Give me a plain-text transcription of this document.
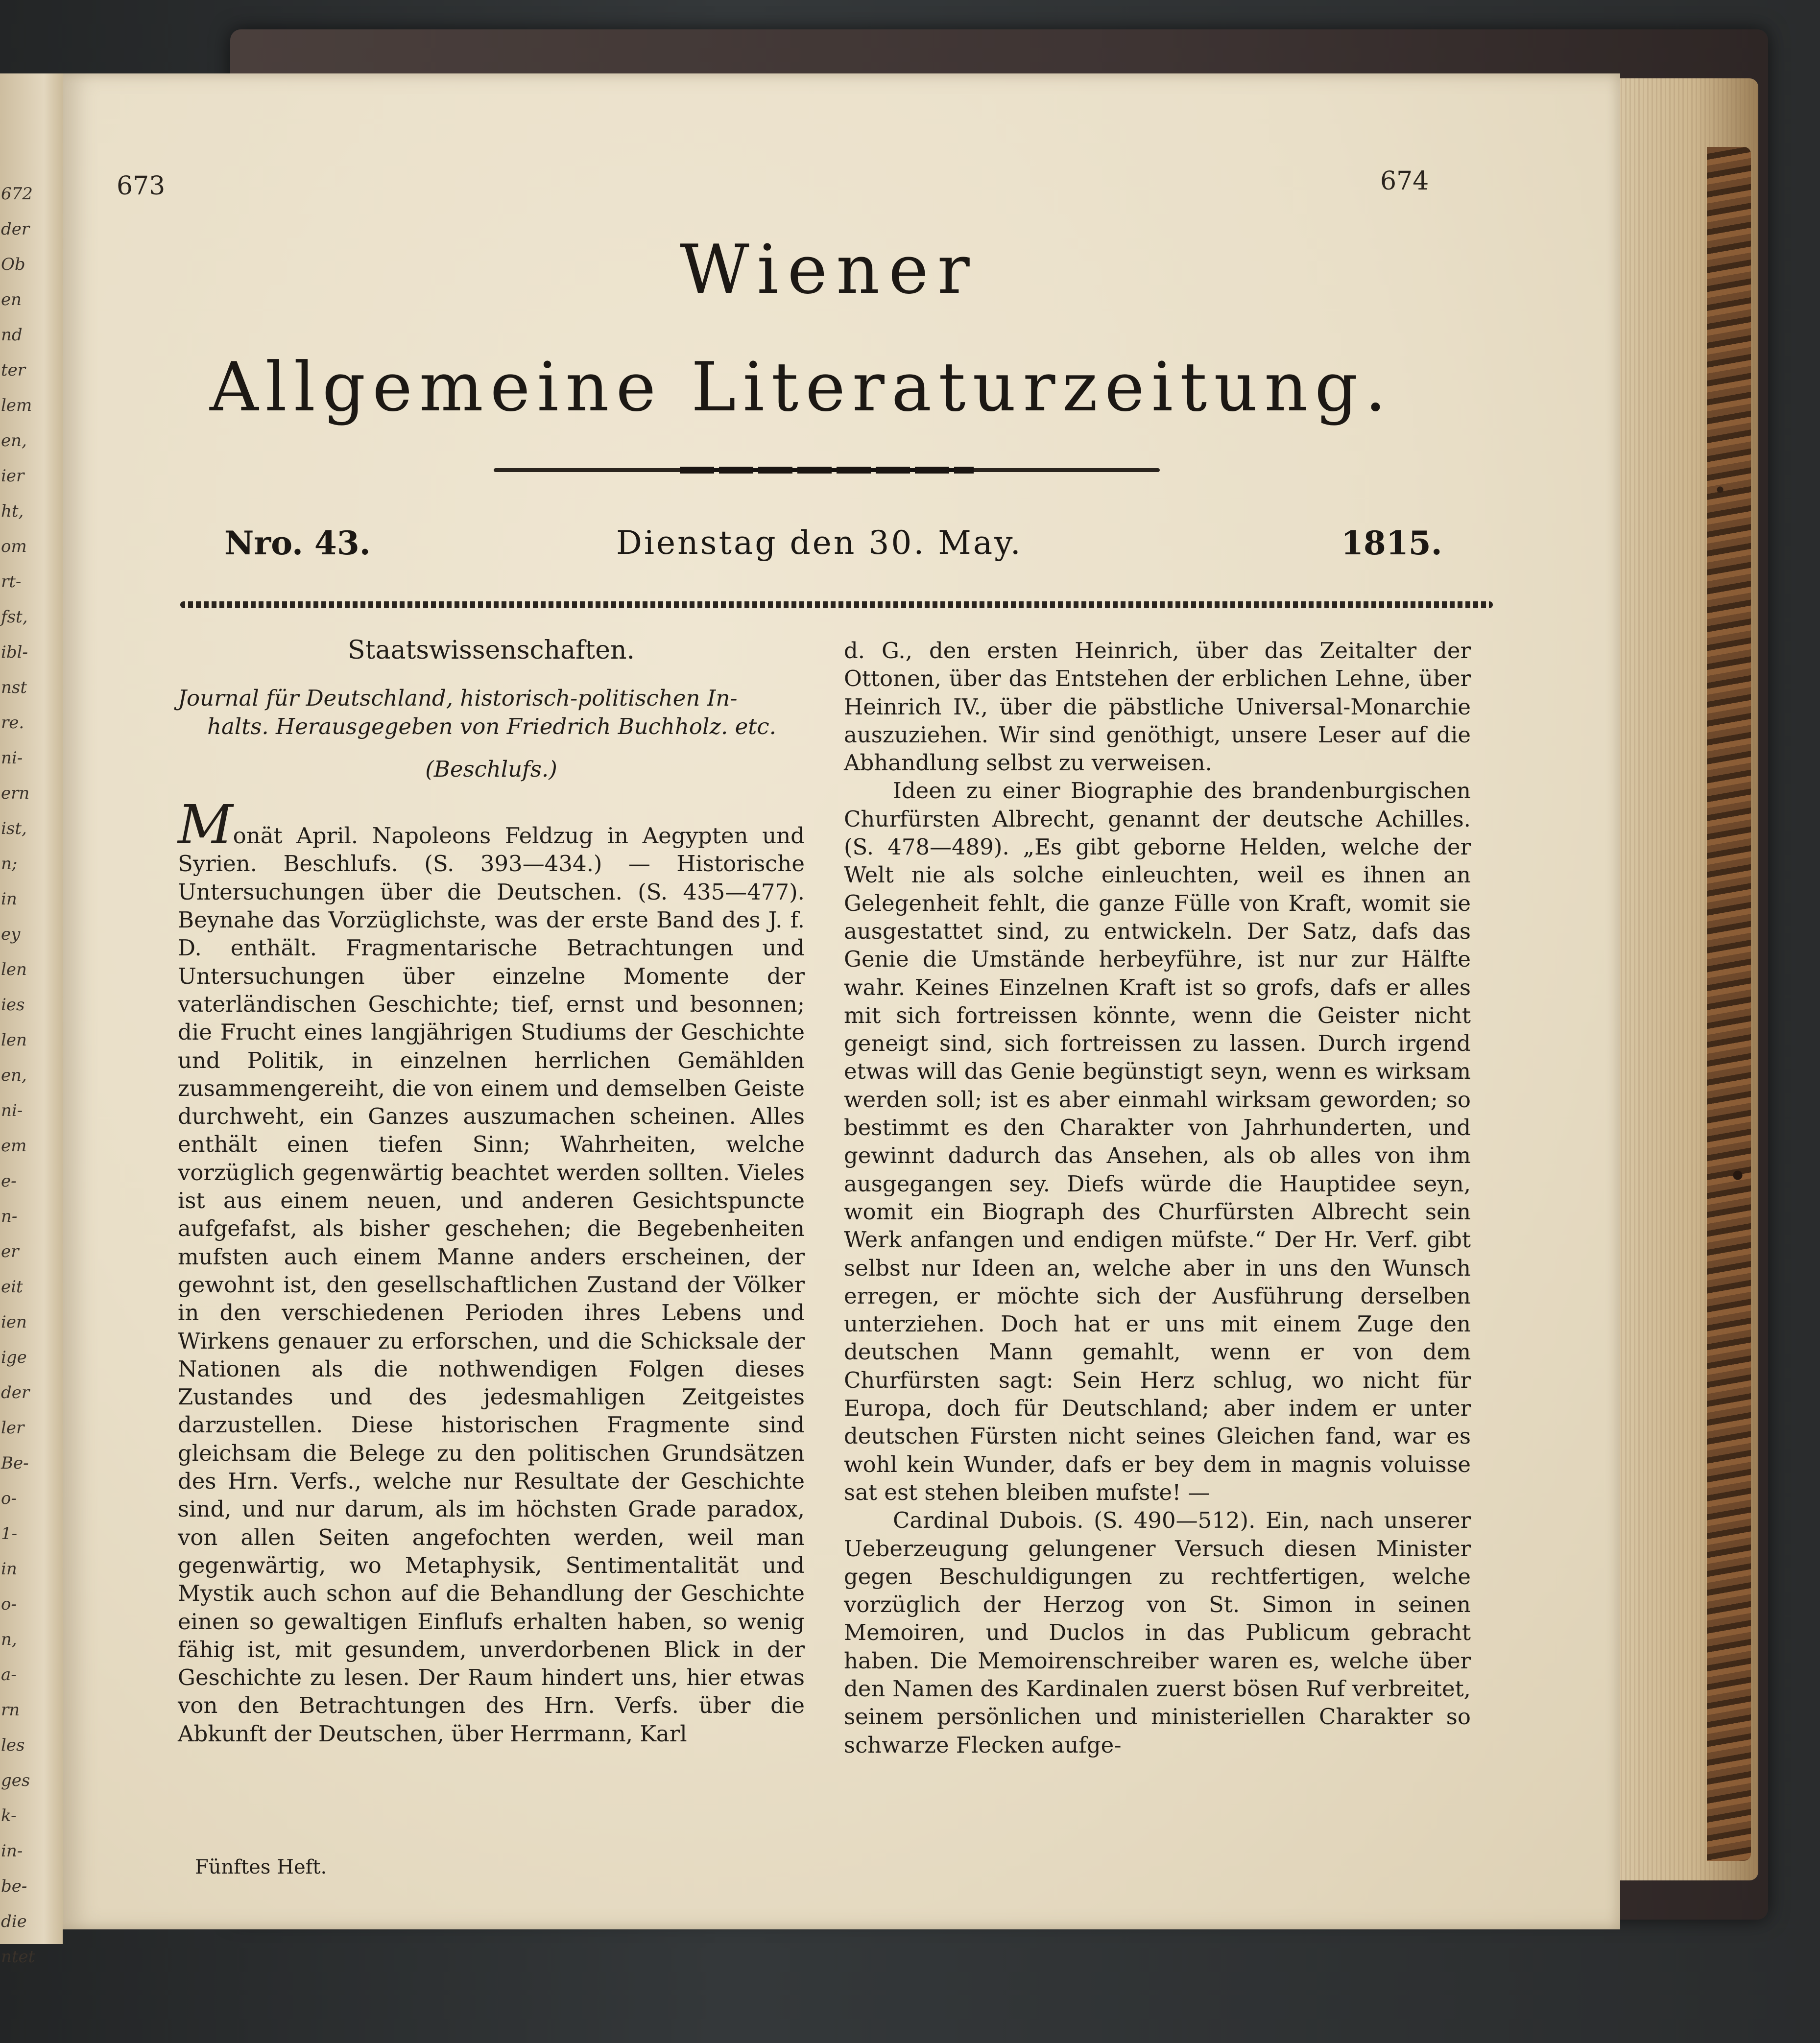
672
der
Ob
en
nd
ter
lem
en,
ier
ht,
om
rt-
fst,
ibl-
nst
re.
ni-
ern
ist,
n;
in
ey
len
ies
len
en,
ni-
em
e-
n-
er
eit
ien
ige
der
ler
Be-
o-
1-
in
o-
n,
a-
rn
les
ges
k-
in-
be-
die
ntet
673	674
Wiener
Allgemeine Literaturzeitung.
Nro. 43.	Dienstag den 30. May.	1815.

Staatswissenschaften.

Journal für Deutschland, historisch-politischen In-

halts. Herausgegeben von Friedrich Buchholz. etc.

(Beschlufs.)

Monät April. Napoleons Feldzug in Aegypten und Syrien. Beschlufs. (S. 393—434.) — Historische Untersuchungen über die Deutschen. (S. 435—477). Beynahe das Vorzüglichste, was der erste Band des J. f. D. enthält. Fragmentarische Betrachtungen und Untersuchungen über einzelne Momente der vaterländischen Geschichte; tief, ernst und besonnen; die Frucht eines langjährigen Studiums der Geschichte und Politik, in einzelnen herrlichen Gemählden zusammengereiht, die von einem und demselben Geiste durchweht, ein Ganzes auszumachen scheinen. Alles enthält einen tiefen Sinn; Wahrheiten, welche vorzüglich gegenwärtig beachtet werden sollten. Vieles ist aus einem neuen, und anderen Gesichtspuncte aufgefafst, als bisher geschehen; die Begebenheiten mufsten auch einem Manne anders erscheinen, der gewohnt ist, den gesellschaftlichen Zustand der Völker in den verschiedenen Perioden ihres Lebens und Wirkens genauer zu erforschen, und die Schicksale der Nationen als die nothwendigen Folgen dieses Zustandes und des jedesmahligen Zeitgeistes darzustellen. Diese historischen Fragmente sind gleichsam die Belege zu den politischen Grundsätzen des Hrn. Verfs., welche nur Resultate der Geschichte sind, und nur darum, als im höchsten Grade paradox, von allen Seiten angefochten werden, weil man gegenwärtig, wo Metaphysik, Sentimentalität und Mystik auch schon auf die Behandlung der Geschichte einen so gewaltigen Einflufs erhalten haben, so wenig fähig ist, mit gesundem, unverdorbenen Blick in der Geschichte zu lesen. Der Raum hindert uns, hier etwas von den Betrachtungen des Hrn. Verfs. über die Abkunft der Deutschen, über Herrmann, Karl

d. G., den ersten Heinrich, über das Zeitalter der Ottonen, über das Entstehen der erblichen Lehne, über Heinrich IV., über die päbstliche Universal-Monarchie auszuziehen. Wir sind genöthigt, unsere Leser auf die Abhandlung selbst zu verweisen.

Ideen zu einer Biographie des brandenburgischen Churfürsten Albrecht, genannt der deutsche Achilles. (S. 478—489). „Es gibt geborne Helden, welche der Welt nie als solche einleuchten, weil es ihnen an Gelegenheit fehlt, die ganze Fülle von Kraft, womit sie ausgestattet sind, zu entwickeln. Der Satz, dafs das Genie die Umstände herbeyführe, ist nur zur Hälfte wahr. Keines Einzelnen Kraft ist so grofs, dafs er alles mit sich fortreissen könnte, wenn die Geister nicht geneigt sind, sich fortreissen zu lassen. Durch irgend etwas will das Genie begünstigt seyn, wenn es wirksam werden soll; ist es aber einmahl wirksam geworden; so bestimmt es den Charakter von Jahrhunderten, und gewinnt dadurch das Ansehen, als ob alles von ihm ausgegangen sey. Diefs würde die Hauptidee seyn, womit ein Biograph des Churfürsten Albrecht sein Werk anfangen und endigen müfste.“ Der Hr. Verf. gibt selbst nur Ideen an, welche aber in uns den Wunsch erregen, er möchte sich der Ausführung derselben unterziehen. Doch hat er uns mit einem Zuge den deutschen Mann gemahlt, wenn er von dem Churfürsten sagt: Sein Herz schlug, wo nicht für Europa, doch für Deutschland; aber indem er unter deutschen Fürsten nicht seines Gleichen fand, war es wohl kein Wunder, dafs er bey dem in magnis voluisse sat est stehen bleiben mufste! —

Cardinal Dubois. (S. 490—512). Ein, nach unserer Ueberzeugung gelungener Versuch diesen Minister gegen Beschuldigungen zu rechtfertigen, welche vorzüglich der Herzog von St. Simon in seinen Memoiren, und Duclos in das Publicum gebracht haben. Die Memoirenschreiber waren es, welche über den Namen des Kardinalen zuerst bösen Ruf verbreitet, seinem persönlichen und ministeriellen Charakter so schwarze Flecken aufge-

Fünftes Heft.
